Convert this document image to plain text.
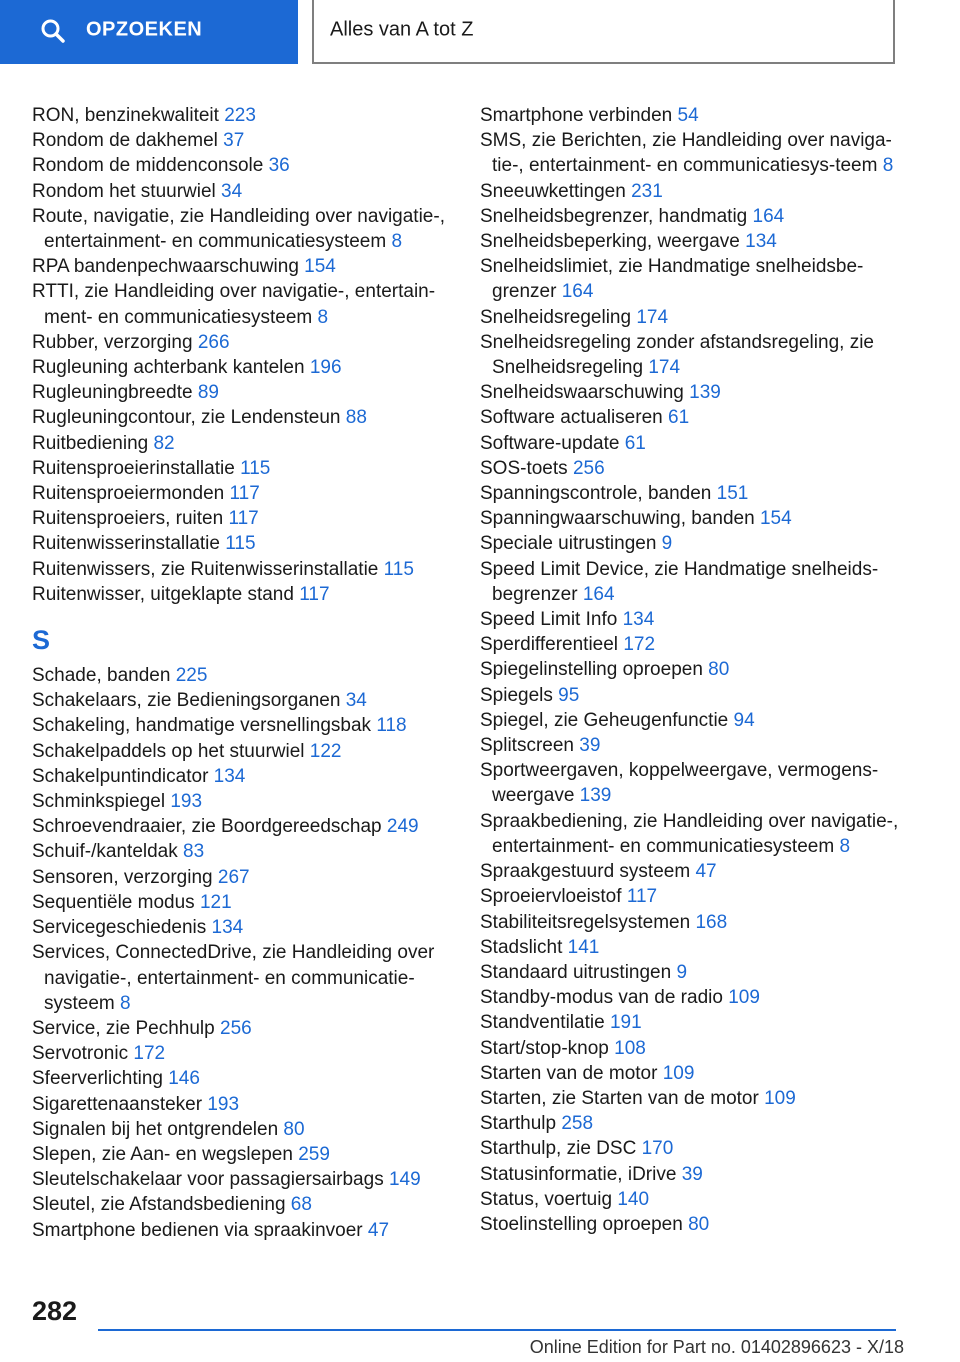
OPZOEKEN	Alles van A tot Z
RON, benzinekwaliteit 223
Rondom de dakhemel 37
Rondom de middenconsole 36
Rondom het stuurwiel 34
Route, navigatie, zie Handleiding over navigatie-, entertainment- en communicatiesysteem 8
RPA bandenpechwaarschuwing 154
RTTI, zie Handleiding over navigatie-, entertain-ment- en communicatiesysteem 8
Rubber, verzorging 266
Rugleuning achterbank kantelen 196
Rugleuningbreedte 89
Rugleuningcontour, zie Lendensteun 88
Ruitbediening 82
Ruitensproeierinstallatie 115
Ruitensproeiermonden 117
Ruitensproeiers, ruiten 117
Ruitenwisserinstallatie 115
Ruitenwissers, zie Ruitenwisserinstallatie 115
Ruitenwisser, uitgeklapte stand 117
S
Schade, banden 225
Schakelaars, zie Bedieningsorganen 34
Schakeling, handmatige versnellingsbak 118
Schakelpaddels op het stuurwiel 122
Schakelpuntindicator 134
Schminkspiegel 193
Schroevendraaier, zie Boordgereedschap 249
Schuif-/kanteldak 83
Sensoren, verzorging 267
Sequentiële modus 121
Servicegeschiedenis 134
Services, ConnectedDrive, zie Handleiding over navigatie-, entertainment- en communicatie-systeem 8
Service, zie Pechhulp 256
Servotronic 172
Sfeerverlichting 146
Sigarettenaansteker 193
Signalen bij het ontgrendelen 80
Slepen, zie Aan- en wegslepen 259
Sleutelschakelaar voor passagiersairbags 149
Sleutel, zie Afstandsbediening 68
Smartphone bedienen via spraakinvoer 47
Smartphone verbinden 54
SMS, zie Berichten, zie Handleiding over naviga-tie-, entertainment- en communicatiesys-teem 8
Sneeuwkettingen 231
Snelheidsbegrenzer, handmatig 164
Snelheidsbeperking, weergave 134
Snelheidslimiet, zie Handmatige snelheidsbe-grenzer 164
Snelheidsregeling 174
Snelheidsregeling zonder afstandsregeling, zie Snelheidsregeling 174
Snelheidswaarschuwing 139
Software actualiseren 61
Software-update 61
SOS-toets 256
Spanningscontrole, banden 151
Spanningwaarschuwing, banden 154
Speciale uitrustingen 9
Speed Limit Device, zie Handmatige snelheids-begrenzer 164
Speed Limit Info 134
Sperdifferentieel 172
Spiegelinstelling oproepen 80
Spiegels 95
Spiegel, zie Geheugenfunctie 94
Splitscreen 39
Sportweergaven, koppelweergave, vermogens-weergave 139
Spraakbediening, zie Handleiding over navigatie-, entertainment- en communicatiesysteem 8
Spraakgestuurd systeem 47
Sproeiervloeistof 117
Stabiliteitsregelsystemen 168
Stadslicht 141
Standaard uitrustingen 9
Standby-modus van de radio 109
Standventilatie 191
Start/stop-knop 108
Starten van de motor 109
Starten, zie Starten van de motor 109
Starthulp 258
Starthulp, zie DSC 170
Statusinformatie, iDrive 39
Status, voertuig 140
Stoelinstelling oproepen 80
282
Online Edition for Part no. 01402896623 - X/18
